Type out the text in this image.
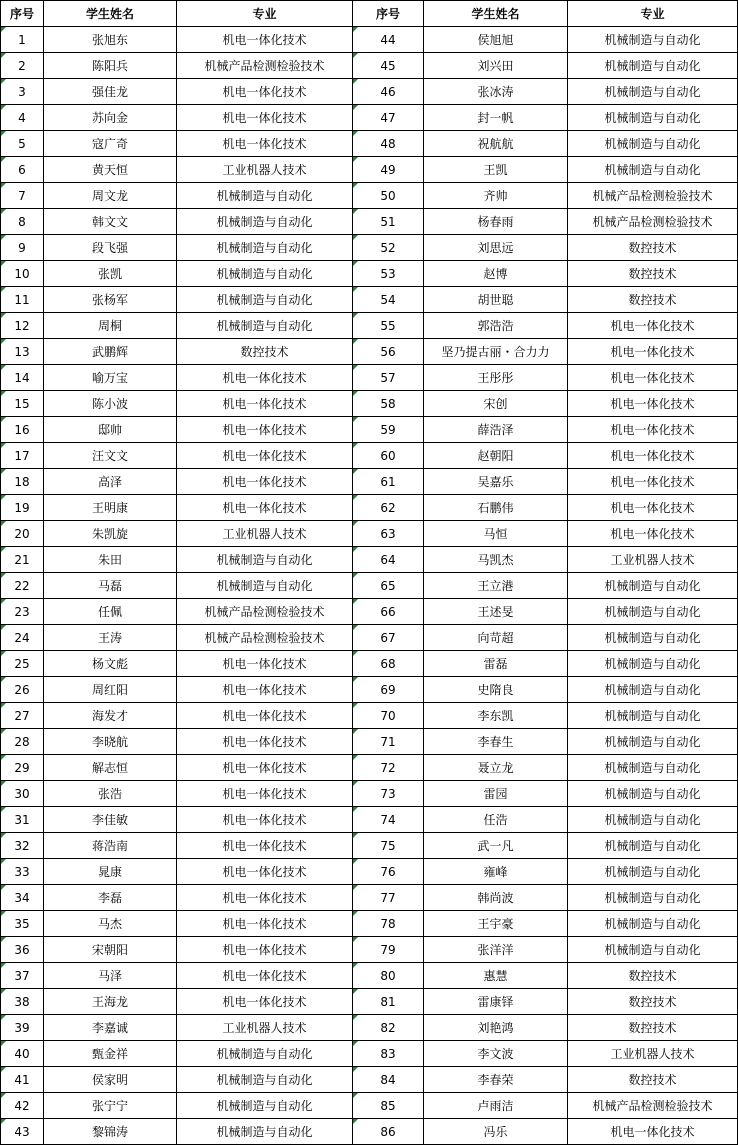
序号	学生姓名	专业	序号	学生姓名	专业
1	张旭东	机电一体化技术	44	侯旭旭	机械制造与自动化
2	陈阳兵	机械产品检测检验技术	45	刘兴田	机械制造与自动化
3	强佳龙	机电一体化技术	46	张冰涛	机械制造与自动化
4	苏向金	机电一体化技术	47	封一帆	机械制造与自动化
5	寇广奇	机电一体化技术	48	祝航航	机械制造与自动化
6	黄天恒	工业机器人技术	49	王凯	机械制造与自动化
7	周文龙	机械制造与自动化	50	齐帅	机械产品检测检验技术
8	韩文文	机械制造与自动化	51	杨春雨	机械产品检测检验技术
9	段飞强	机械制造与自动化	52	刘思远	数控技术
10	张凯	机械制造与自动化	53	赵博	数控技术
11	张杨军	机械制造与自动化	54	胡世聪	数控技术
12	周桐	机械制造与自动化	55	郭浩浩	机电一体化技术
13	武鹏辉	数控技术	56	坚乃提古丽・合力力	机电一体化技术
14	喻万宝	机电一体化技术	57	王彤彤	机电一体化技术
15	陈小波	机电一体化技术	58	宋创	机电一体化技术
16	邸帅	机电一体化技术	59	薛浩泽	机电一体化技术
17	汪文文	机电一体化技术	60	赵朝阳	机电一体化技术
18	高泽	机电一体化技术	61	吴嘉乐	机电一体化技术
19	王明康	机电一体化技术	62	石鹏伟	机电一体化技术
20	朱凯旋	工业机器人技术	63	马恒	机电一体化技术
21	朱田	机械制造与自动化	64	马凯杰	工业机器人技术
22	马磊	机械制造与自动化	65	王立港	机械制造与自动化
23	任佩	机械产品检测检验技术	66	王述旻	机械制造与自动化
24	王涛	机械产品检测检验技术	67	向苛超	机械制造与自动化
25	杨文彪	机电一体化技术	68	雷磊	机械制造与自动化
26	周红阳	机电一体化技术	69	史隋良	机械制造与自动化
27	海发才	机电一体化技术	70	李东凯	机械制造与自动化
28	李晓航	机电一体化技术	71	李春生	机械制造与自动化
29	解志恒	机电一体化技术	72	聂立龙	机械制造与自动化
30	张浩	机电一体化技术	73	雷园	机械制造与自动化
31	李佳敏	机电一体化技术	74	任浩	机械制造与自动化
32	蒋浩南	机电一体化技术	75	武一凡	机械制造与自动化
33	晁康	机电一体化技术	76	雍峰	机械制造与自动化
34	李磊	机电一体化技术	77	韩尚波	机械制造与自动化
35	马杰	机电一体化技术	78	王宇豪	机械制造与自动化
36	宋朝阳	机电一体化技术	79	张洋洋	机械制造与自动化
37	马泽	机电一体化技术	80	惠慧	数控技术
38	王海龙	机电一体化技术	81	雷康铎	数控技术
39	李嘉诚	工业机器人技术	82	刘艳鸿	数控技术
40	甄金祥	机械制造与自动化	83	李文波	工业机器人技术
41	侯家明	机械制造与自动化	84	李春荣	数控技术
42	张宁宁	机械制造与自动化	85	卢雨洁	机械产品检测检验技术
43	黎锦涛	机械制造与自动化	86	冯乐	机电一体化技术
